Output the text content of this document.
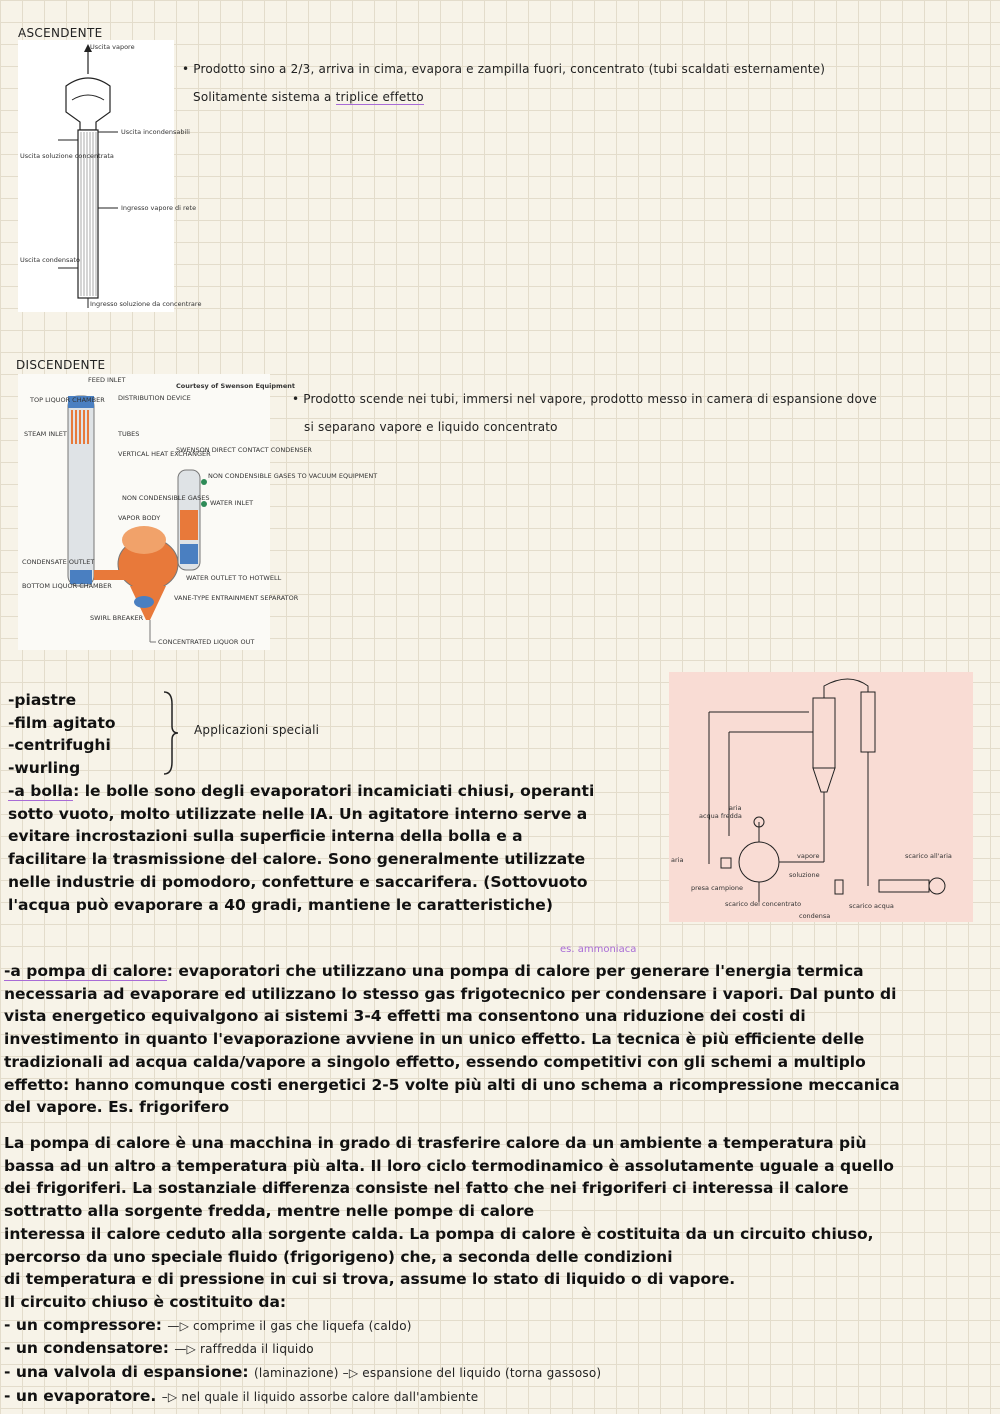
ASCENDENTE
Uscita vapore
Uscita incondensabili
Uscita soluzione concentrata
Ingresso vapore di rete
Uscita condensato
Ingresso soluzione da concentrare
• Prodotto sino a 2/3, arriva in cima, evapora e zampilla fuori, concentrato (tubi scaldati esternamente)
Solitamente sistema a triplice effetto
DISCENDENTE
Courtesy of Swenson Equipment
FEED INLET
TOP LIQUOR CHAMBER DISTRIBUTION DEVICE
STEAM INLET	TUBES
VERTICAL HEAT EXCHANGER
SWENSON DIRECT CONTACT CONDENSER
NON CONDENSIBLE GASES TO VACUUM EQUIPMENT
NON CONDENSIBLE GASES
WATER INLET
VAPOR BODY
CONDENSATE OUTLET
BOTTOM LIQUOR CHAMBER
WATER OUTLET TO HOTWELL
SWIRL BREAKER
VANE-TYPE ENTRAINMENT SEPARATOR
CONCENTRATED LIQUOR OUT
• Prodotto scende nei tubi, immersi nel vapore, prodotto messo in camera di espansione dove
si separano vapore e liquido concentrato
-piastre
-film agitato
-centrifughi
-wurling
Applicazioni speciali
-a bolla: le bolle sono degli evaporatori incamiciati chiusi, operanti
sotto vuoto, molto utilizzate nelle IA. Un agitatore interno serve a
evitare incrostazioni sulla superficie interna della bolla e a
facilitare la trasmissione del calore. Sono generalmente utilizzate
nelle industrie di pomodoro, confetture e saccarifera. (Sottovuoto
l'acqua può evaporare a 40 gradi, mantiene le caratteristiche)
aria
acqua fredda
aria	vapore
soluzione
presa campione
scarico del concentrato
condensa
scarico acqua
scarico all'aria
es. ammoniaca
-a pompa di calore: evaporatori che utilizzano una pompa di calore per generare l'energia termica
necessaria ad evaporare ed utilizzano lo stesso gas frigotecnico per condensare i vapori. Dal punto di
vista energetico equivalgono ai sistemi 3-4 effetti ma consentono una riduzione dei costi di
investimento in quanto l'evaporazione avviene in un unico effetto. La tecnica è più efficiente delle
tradizionali ad acqua calda/vapore a singolo effetto, essendo competitivi con gli schemi a multiplo
effetto: hanno comunque costi energetici 2-5 volte più alti di uno schema a ricompressione meccanica
del vapore. Es. frigorifero
La pompa di calore è una macchina in grado di trasferire calore da un ambiente a temperatura più
bassa ad un altro a temperatura più alta. Il loro ciclo termodinamico è assolutamente uguale a quello
dei frigoriferi. La sostanziale differenza consiste nel fatto che nei frigoriferi ci interessa il calore
sottratto alla sorgente fredda, mentre nelle pompe di calore
interessa il calore ceduto alla sorgente calda. La pompa di calore è costituita da un circuito chiuso,
percorso da uno speciale fluido (frigorigeno) che, a seconda delle condizioni
di temperatura e di pressione in cui si trova, assume lo stato di liquido o di vapore.
Il circuito chiuso è costituito da:
- un compressore: —▷ comprime il gas che liquefa (caldo)
- un condensatore: —▷ raffredda il liquido
- una valvola di espansione: (laminazione) –▷ espansione del liquido (torna gassoso)
- un evaporatore. –▷ nel quale il liquido assorbe calore dall'ambiente
